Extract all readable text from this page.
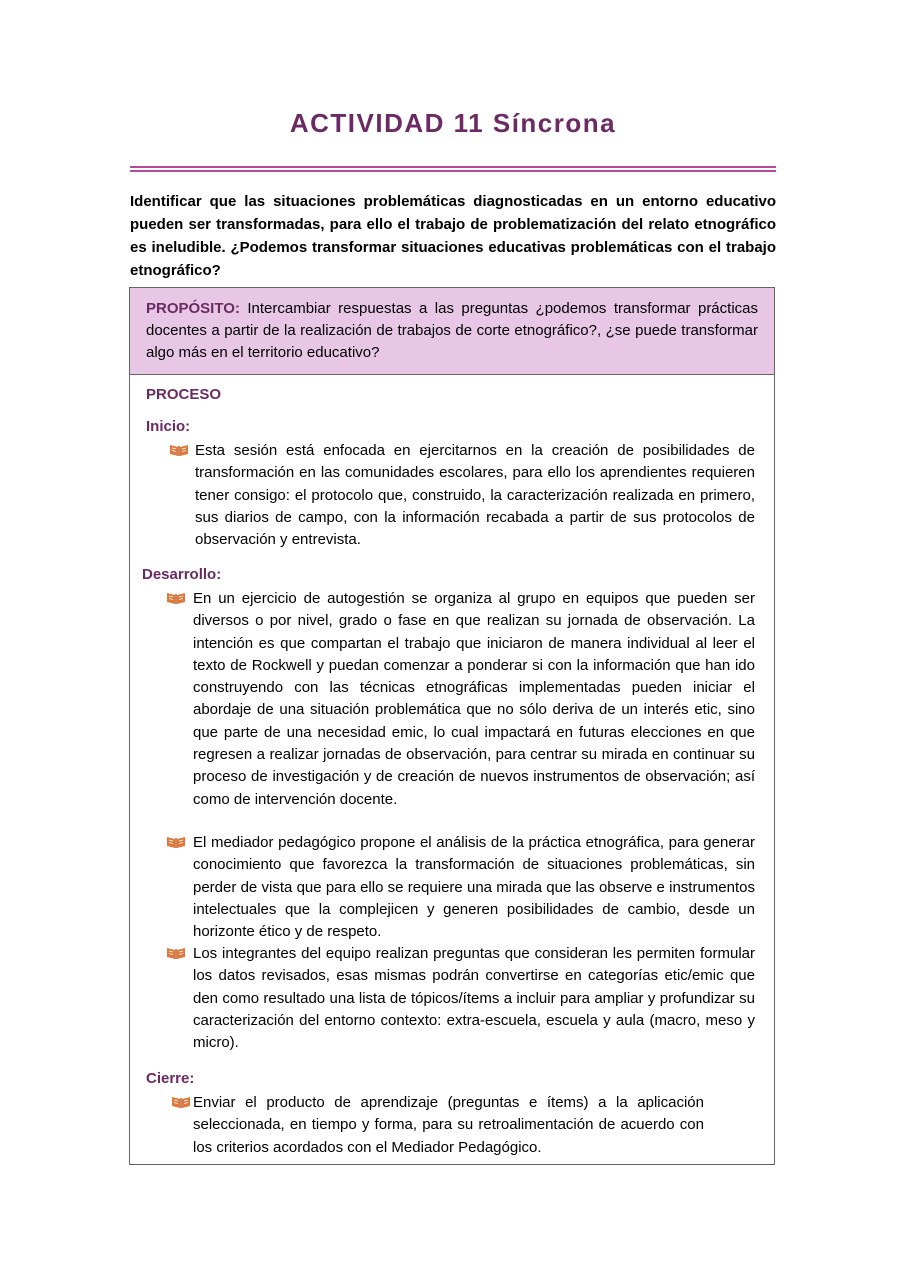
ACTIVIDAD 11 Síncrona
Identificar que las situaciones problemáticas diagnosticadas en un entorno educativo pueden ser transformadas, para ello el trabajo de problematización del relato etnográfico es ineludible. ¿Podemos transformar situaciones educativas problemáticas con el trabajo etnográfico?
PROPÓSITO: Intercambiar respuestas a las preguntas ¿podemos transformar prácticas docentes a partir de la realización de trabajos de corte etnográfico?, ¿se puede transformar algo más en el territorio educativo?
PROCESO
Inicio:
Esta sesión está enfocada en ejercitarnos en la creación de posibilidades de transformación en las comunidades escolares, para ello los aprendientes requieren tener consigo: el protocolo que, construido, la caracterización realizada en primero, sus diarios de campo, con la información recabada a partir de sus protocolos de observación y entrevista.
Desarrollo:
En un ejercicio de autogestión se organiza al grupo en equipos que pueden ser diversos o por nivel, grado o fase en que realizan su jornada de observación. La intención es que compartan el trabajo que iniciaron de manera individual al leer el texto de Rockwell y puedan comenzar a ponderar si con la información que han ido construyendo con las técnicas etnográficas implementadas pueden iniciar el abordaje de una situación problemática que no sólo deriva de un interés etic, sino que parte de una necesidad emic, lo cual impactará en futuras elecciones en que regresen a realizar jornadas de observación, para centrar su mirada en continuar su proceso de investigación y de creación de nuevos instrumentos de observación; así como de intervención docente.
El mediador pedagógico propone el análisis de la práctica etnográfica, para generar conocimiento que favorezca la transformación de situaciones problemáticas, sin perder de vista que para ello se requiere una mirada que las observe e instrumentos intelectuales que la complejicen y generen posibilidades de cambio, desde un horizonte ético y de respeto.
Los integrantes del equipo realizan preguntas que consideran les permiten formular los datos revisados, esas mismas podrán convertirse en categorías etic/emic que den como resultado una lista de tópicos/ítems a incluir para ampliar y profundizar su caracterización del entorno contexto: extra-escuela, escuela y aula (macro, meso y micro).
Cierre:
Enviar el producto de aprendizaje (preguntas e ítems) a la aplicación seleccionada, en tiempo y forma, para su retroalimentación de acuerdo con los criterios acordados con el Mediador Pedagógico.
